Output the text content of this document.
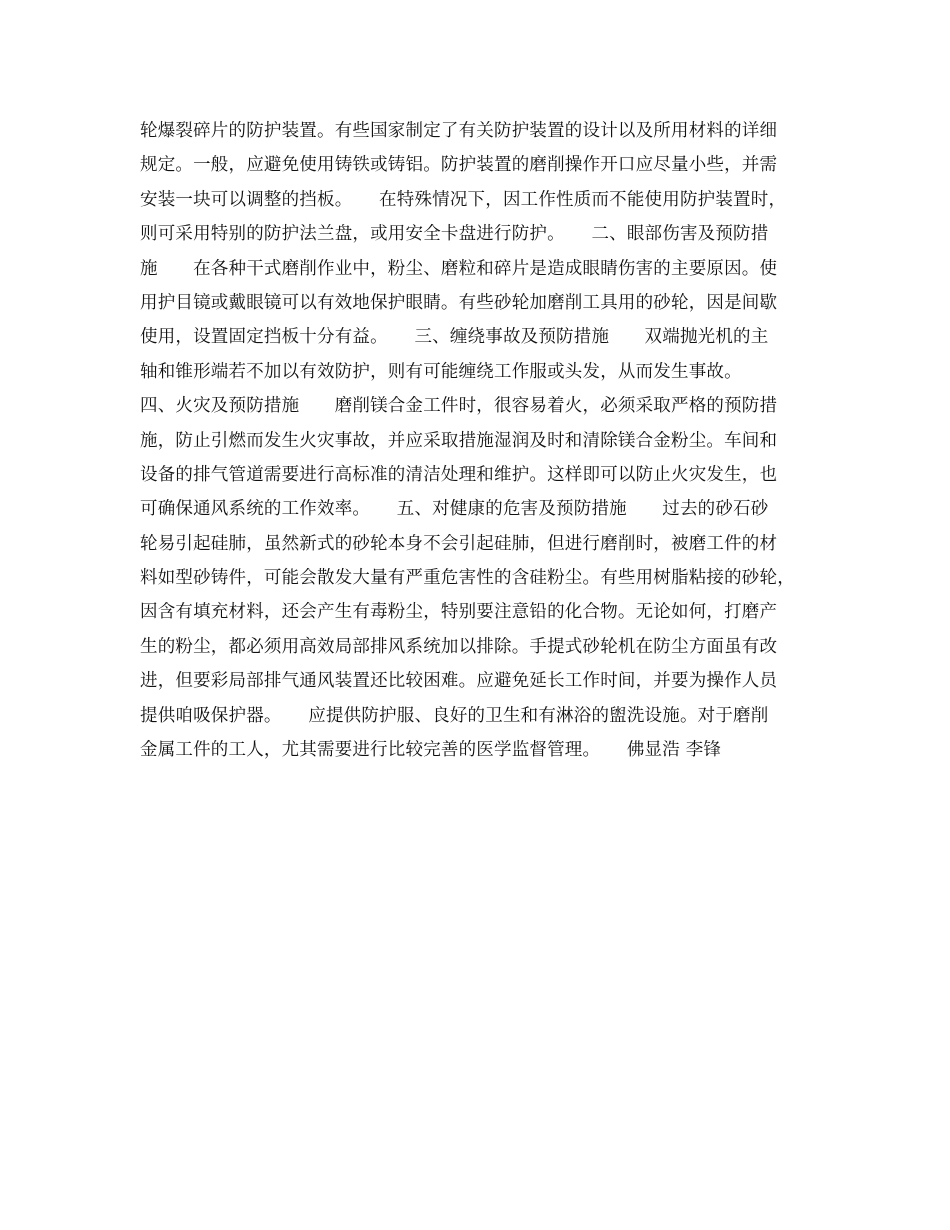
轮爆裂碎片的防护装置。有些国家制定了有关防护装置的设计以及所用材料的详细
规定。一般，应避免使用铸铁或铸铝。防护装置的磨削操作开口应尽量小些，并需
安装一块可以调整的挡板。　　在特殊情况下，因工作性质而不能使用防护装置时，
则可采用特别的防护法兰盘，或用安全卡盘进行防护。　　二、眼部伤害及预防措
施　　在各种干式磨削作业中，粉尘、磨粒和碎片是造成眼睛伤害的主要原因。使
用护目镜或戴眼镜可以有效地保护眼睛。有些砂轮加磨削工具用的砂轮，因是间歇
使用，设置固定挡板十分有益。　　三、缠绕事故及预防措施　　双端抛光机的主
轴和锥形端若不加以有效防护，则有可能缠绕工作服或头发，从而发生事故。　　
四、火灾及预防措施　　磨削镁合金工件时，很容易着火，必须采取严格的预防措
施，防止引燃而发生火灾事故，并应采取措施湿润及时和清除镁合金粉尘。车间和
设备的排气管道需要进行高标准的清洁处理和维护。这样即可以防止火灾发生，也
可确保通风系统的工作效率。　　五、对健康的危害及预防措施　　过去的砂石砂
轮易引起硅肺，虽然新式的砂轮本身不会引起硅肺，但进行磨削时，被磨工件的材
料如型砂铸件，可能会散发大量有严重危害性的含硅粉尘。有些用树脂粘接的砂轮，
因含有填充材料，还会产生有毒粉尘，特别要注意铅的化合物。无论如何，打磨产
生的粉尘，都必须用高效局部排风系统加以排除。手提式砂轮机在防尘方面虽有改
进，但要彩局部排气通风装置还比较困难。应避免延长工作时间，并要为操作人员
提供咱吸保护器。　　应提供防护服、良好的卫生和有淋浴的盥洗设施。对于磨削
金属工件的工人，尤其需要进行比较完善的医学监督管理。　　佛显浩 李锋
